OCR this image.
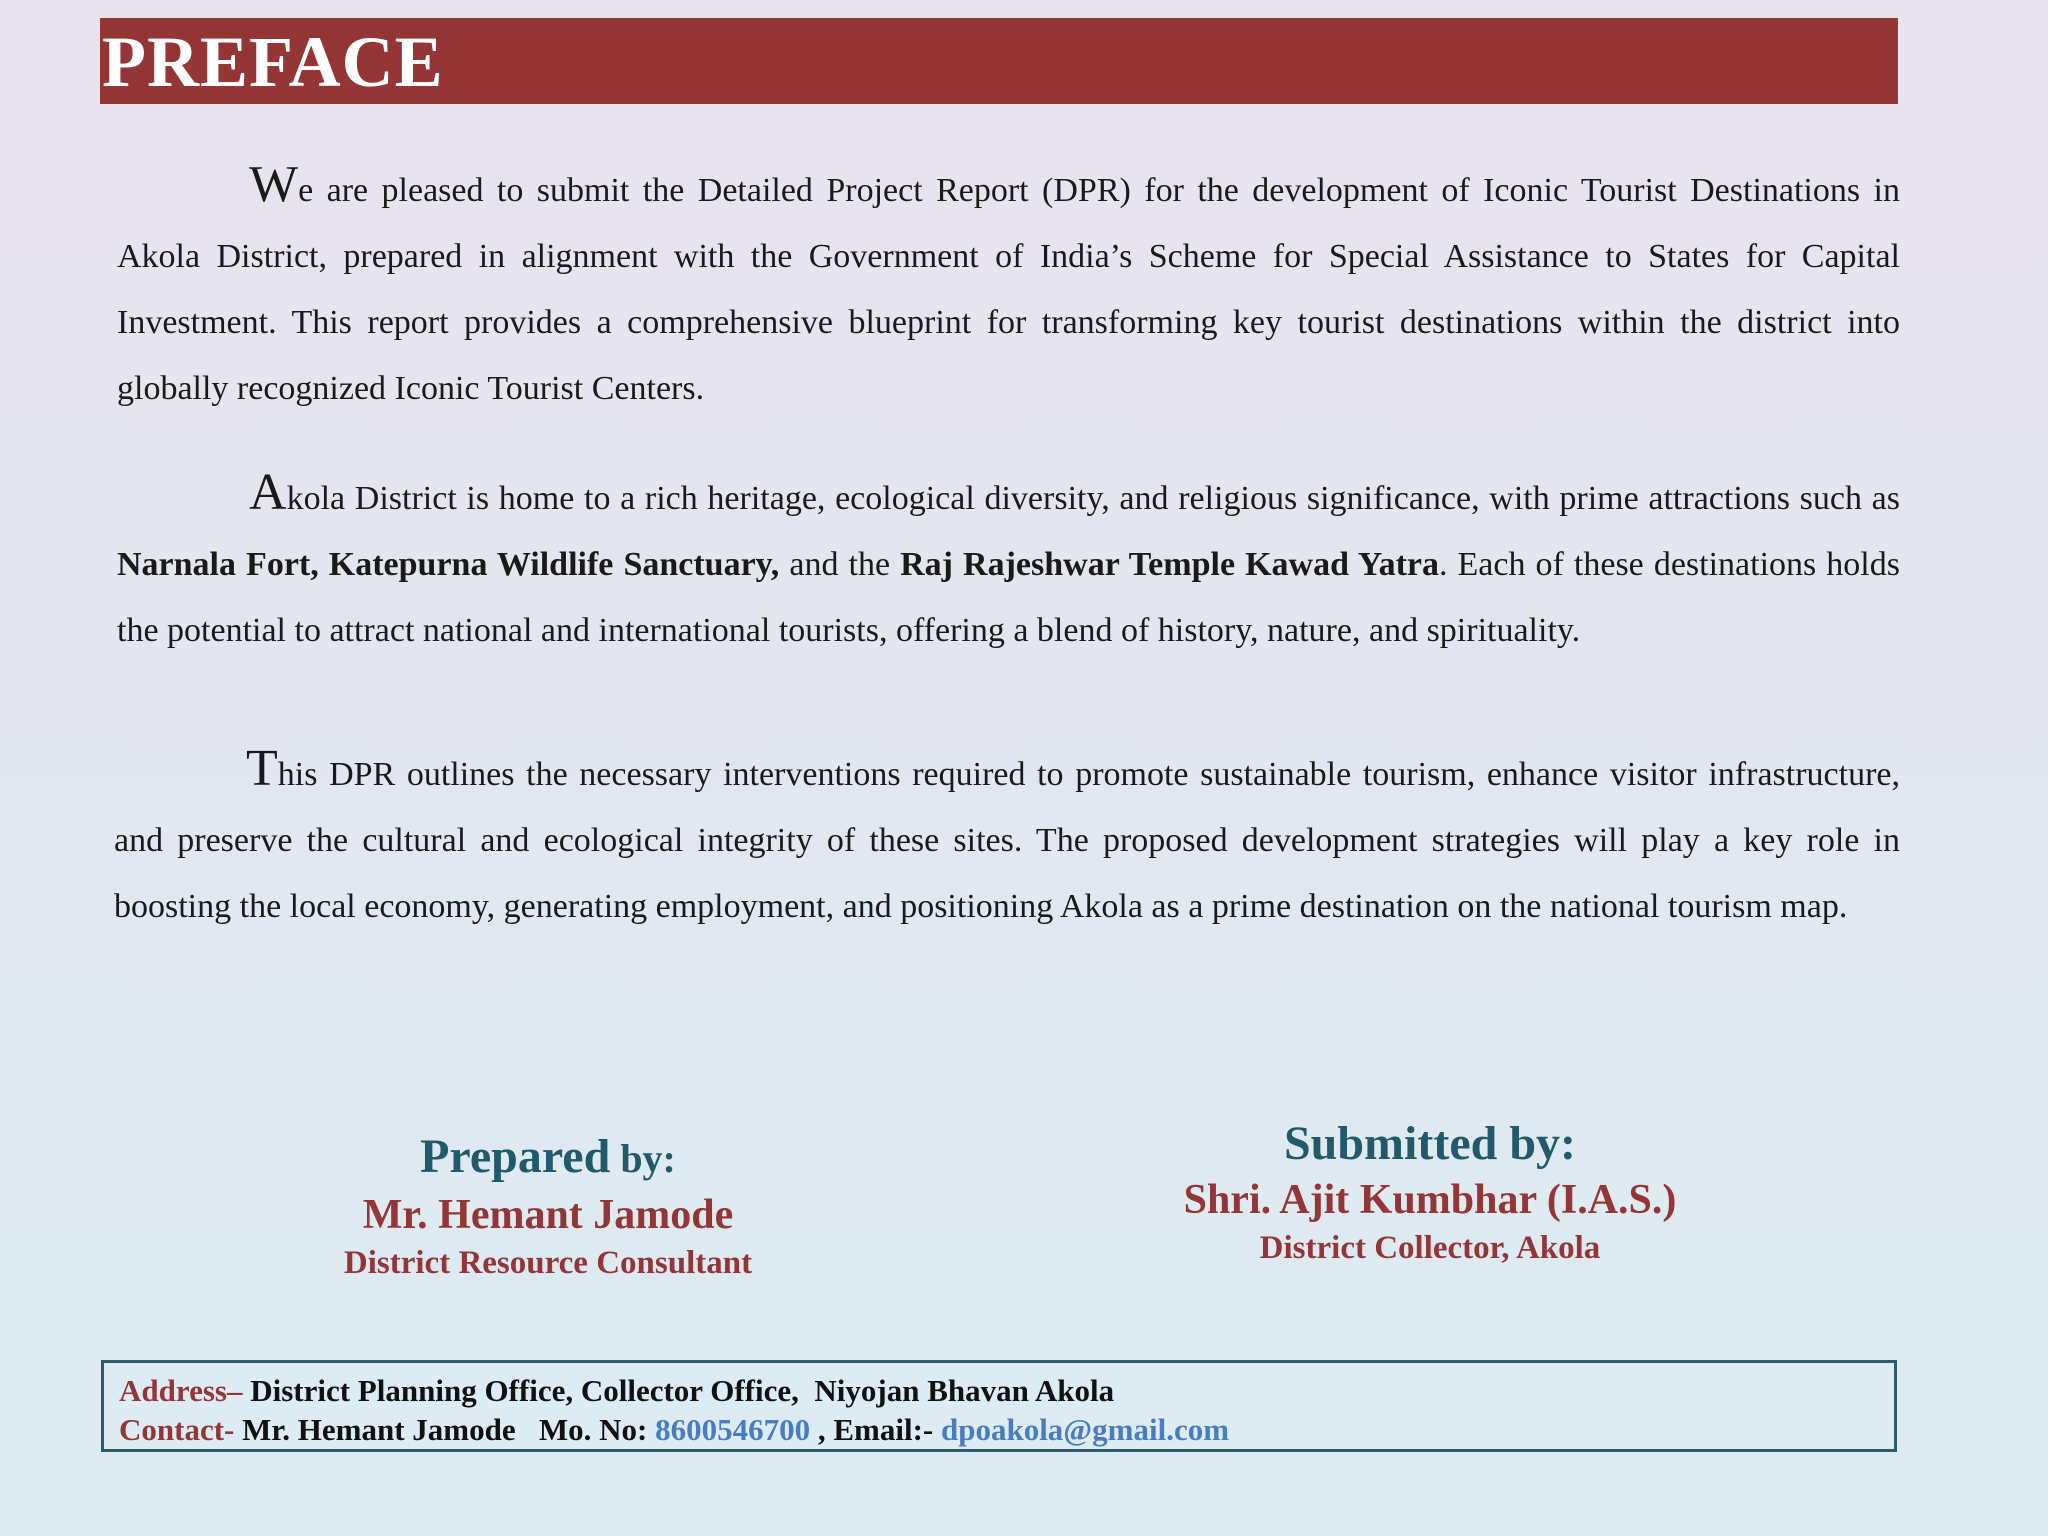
PREFACE

We are pleased to submit the Detailed Project Report (DPR) for the development of Iconic Tourist Destinations in Akola District, prepared in alignment with the Government of India’s Scheme for Special Assistance to States for Capital Investment. This report provides a comprehensive blueprint for transforming key tourist destinations within the district into globally recognized Iconic Tourist Centers.

Akola District is home to a rich heritage, ecological diversity, and religious significance, with prime attractions such as Narnala Fort, Katepurna Wildlife Sanctuary, and the Raj Rajeshwar Temple Kawad Yatra. Each of these destinations holds the potential to attract national and international tourists, offering a blend of history, nature, and spirituality.

This DPR outlines the necessary interventions required to promote sustainable tourism, enhance visitor infrastructure, and preserve the cultural and ecological integrity of these sites. The proposed development strategies will play a key role in boosting the local economy, generating employment, and positioning Akola as a prime destination on the national tourism map.

Prepared by:
Mr. Hemant Jamode
District Resource Consultant
Submitted by:
Shri. Ajit Kumbhar (I.A.S.)
District Collector, Akola
Address– District Planning Office, Collector Office,  Niyojan Bhavan Akola
Contact- Mr. Hemant Jamode   Mo. No: 8600546700 , Email:- dpoakola@gmail.com
